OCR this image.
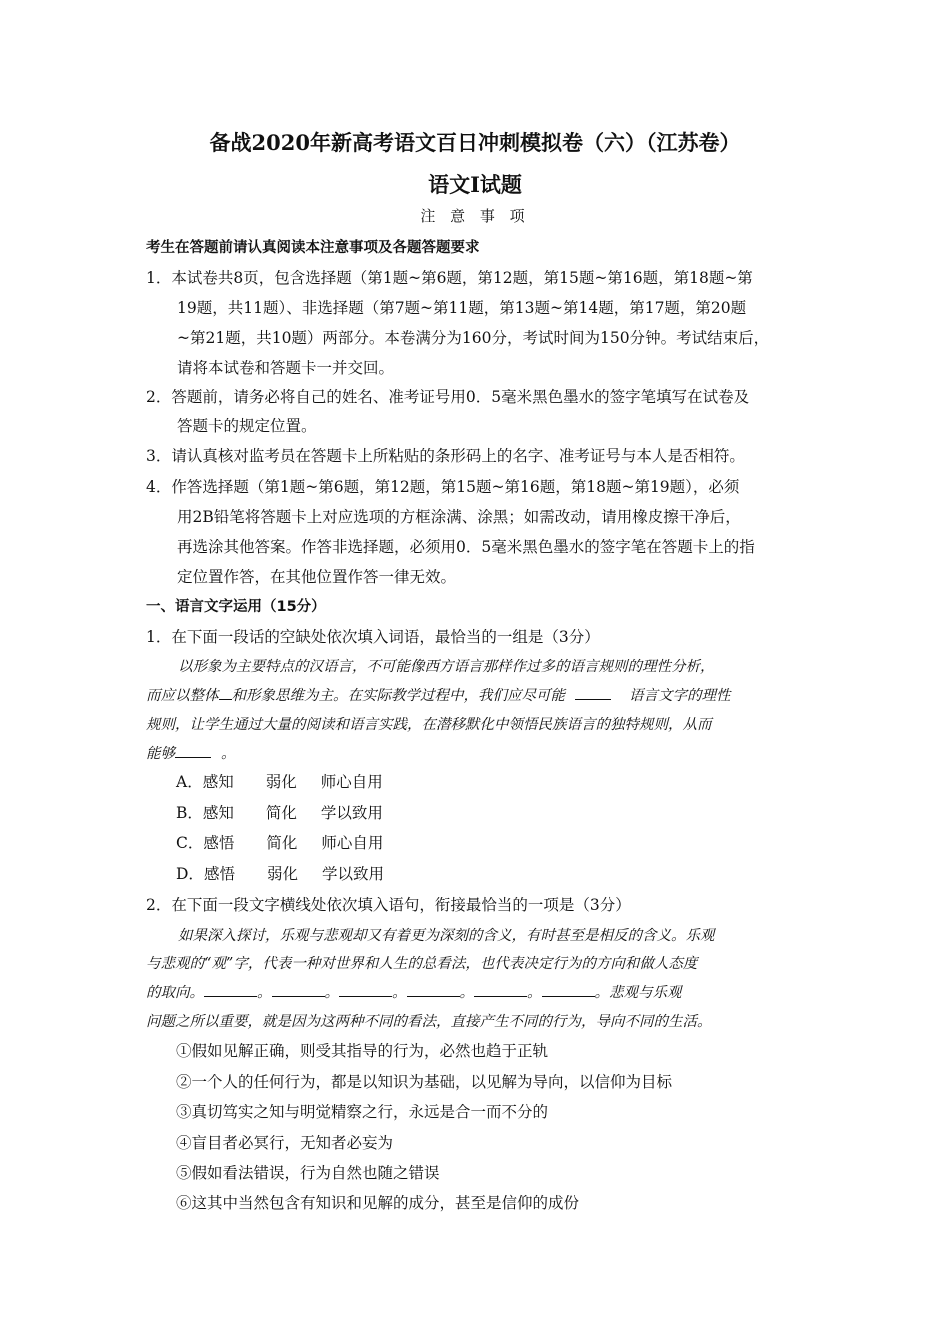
备战2020年新高考语文百日冲刺模拟卷（六）（江苏卷）
语文Ⅰ试题
注 意 事 项
考生在答题前请认真阅读本注意事项及各题答题要求
1．本试卷共8页，包含选择题（第1题~第6题，第12题，第15题~第16题，第18题~第
19题，共11题）、非选择题（第7题~第11题，第13题~第14题，第17题，第20题
~第21题，共10题）两部分。本卷满分为160分，考试时间为150分钟。考试结束后，
请将本试卷和答题卡一并交回。
2．答题前，请务必将自己的姓名、准考证号用0．5毫米黑色墨水的签字笔填写在试卷及
答题卡的规定位置。
3．请认真核对监考员在答题卡上所粘贴的条形码上的名字、准考证号与本人是否相符。
4．作答选择题（第1题~第6题，第12题，第15题~第16题，第18题~第19题），必须
用2B铅笔将答题卡上对应选项的方框涂满、涂黑；如需改动，请用橡皮擦干净后，
再选涂其他答案。作答非选择题，必须用0．5毫米黑色墨水的签字笔在答题卡上的指
定位置作答，在其他位置作答一律无效。
一、语言文字运用（15分）
1．在下面一段话的空缺处依次填入词语，最恰当的一组是（3分）
以形象为主要特点的汉语言，不可能像西方语言那样作过多的语言规则的理性分析，
而应以整体 和形象思维为主。在实际教学过程中，我们应尽可能	语言文字的理性
规则，让学生通过大量的阅读和语言实践，在潜移默化中领悟民族语言的独特规则，从而
能够	。
A．感知 弱化 师心自用
B．感知 简化 学以致用
C．感悟 简化 师心自用
D．感悟 弱化 学以致用
2．在下面一段文字横线处依次填入语句，衔接最恰当的一项是（3分）
如果深入探讨，乐观与悲观却又有着更为深刻的含义，有时甚至是相反的含义。乐观
与悲观的“观”字，代表一种对世界和人生的总看法，也代表决定行为的方向和做人态度
的取向。	。	。	。	。	。	。悲观与乐观
问题之所以重要，就是因为这两种不同的看法，直接产生不同的行为，导向不同的生活。
①假如见解正确，则受其指导的行为，必然也趋于正轨
②一个人的任何行为，都是以知识为基础，以见解为导向，以信仰为目标
③真切笃实之知与明觉精察之行，永远是合一而不分的
④盲目者必冥行，无知者必妄为
⑤假如看法错误，行为自然也随之错误
⑥这其中当然包含有知识和见解的成分，甚至是信仰的成份
